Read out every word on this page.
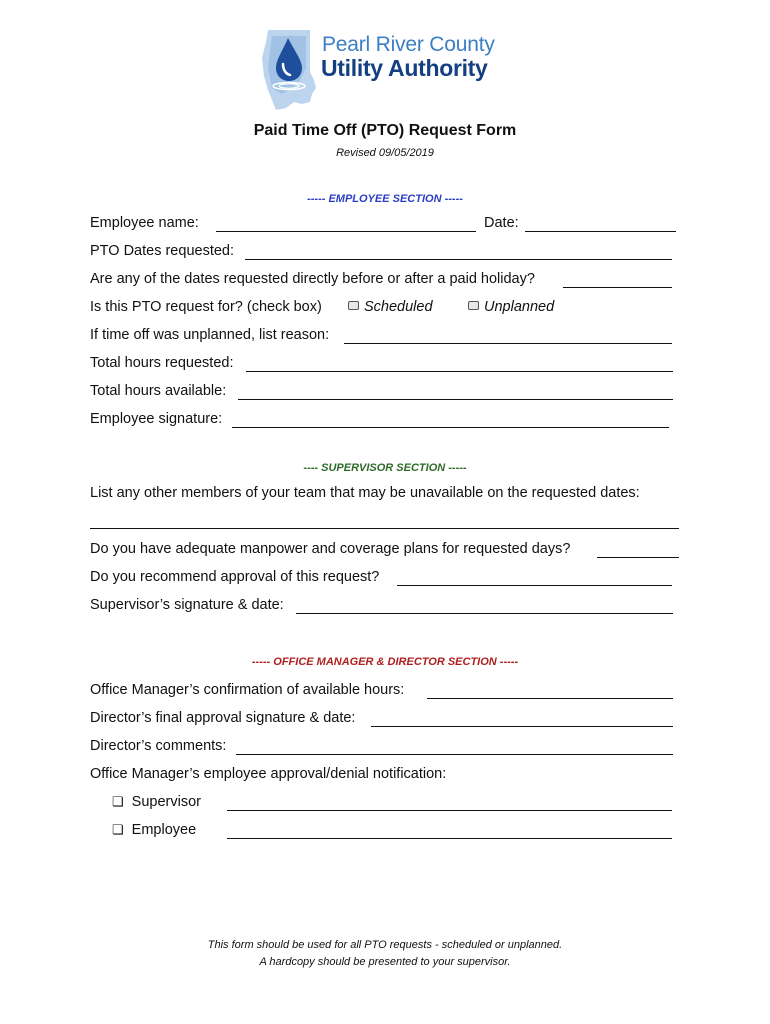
Pearl River County
Utility Authority
Paid Time Off (PTO) Request Form
Revised 09/05/2019
----- EMPLOYEE SECTION -----
Employee name:	Date:
PTO Dates requested:
Are any of the dates requested directly before or after a paid holiday?
Is this PTO request for? (check box)	Scheduled	Unplanned
If time off was unplanned, list reason:
Total hours requested:
Total hours available:
Employee signature:
---- SUPERVISOR SECTION -----
List any other members of your team that may be unavailable on the requested dates:
Do you have adequate manpower and coverage plans for requested days?
Do you recommend approval of this request?
Supervisor’s signature & date:
----- OFFICE MANAGER & DIRECTOR SECTION -----
Office Manager’s confirmation of available hours:
Director’s final approval signature & date:
Director’s comments:
Office Manager’s employee approval/denial notification:
❏ Supervisor
❏ Employee
This form should be used for all PTO requests - scheduled or unplanned.
A hardcopy should be presented to your supervisor.
